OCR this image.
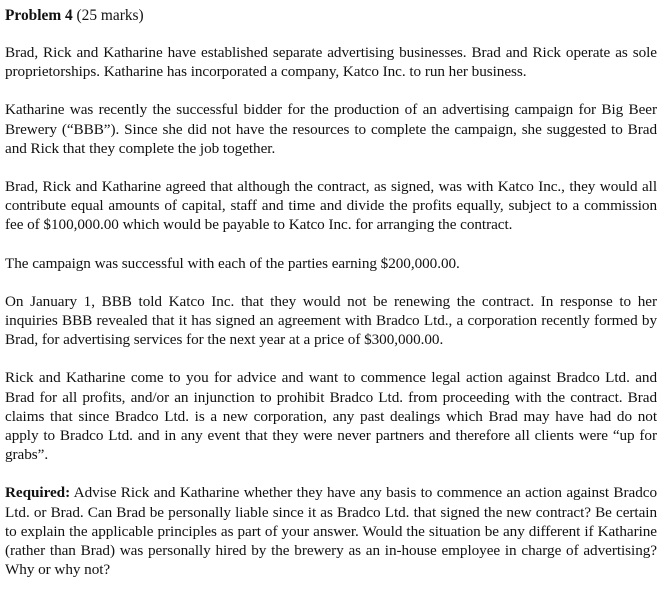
Problem 4 (25 marks)

Brad, Rick and Katharine have established separate advertising businesses. Brad and Rick operate as sole proprietorships. Katharine has incorporated a company, Katco Inc. to run her business.

Katharine was recently the successful bidder for the production of an advertising campaign for Big Beer Brewery (“BBB”). Since she did not have the resources to complete the campaign, she suggested to Brad and Rick that they complete the job together.

Brad, Rick and Katharine agreed that although the contract, as signed, was with Katco Inc., they would all contribute equal amounts of capital, staff and time and divide the profits equally, subject to a commission fee of $100,000.00 which would be payable to Katco Inc. for arranging the contract.

The campaign was successful with each of the parties earning $200,000.00.

On January 1, BBB told Katco Inc. that they would not be renewing the contract. In response to her inquiries BBB revealed that it has signed an agreement with Bradco Ltd., a corporation recently formed by Brad, for advertising services for the next year at a price of $300,000.00.

Rick and Katharine come to you for advice and want to commence legal action against Bradco Ltd. and Brad for all profits, and/or an injunction to prohibit Bradco Ltd. from proceeding with the contract. Brad claims that since Bradco Ltd. is a new corporation, any past dealings which Brad may have had do not apply to Bradco Ltd. and in any event that they were never partners and therefore all clients were “up for grabs”.

Required: Advise Rick and Katharine whether they have any basis to commence an action against Bradco Ltd. or Brad. Can Brad be personally liable since it as Bradco Ltd. that signed the new contract? Be certain to explain the applicable principles as part of your answer. Would the situation be any different if Katharine (rather than Brad) was personally hired by the brewery as an in-house employee in charge of advertising? Why or why not?
